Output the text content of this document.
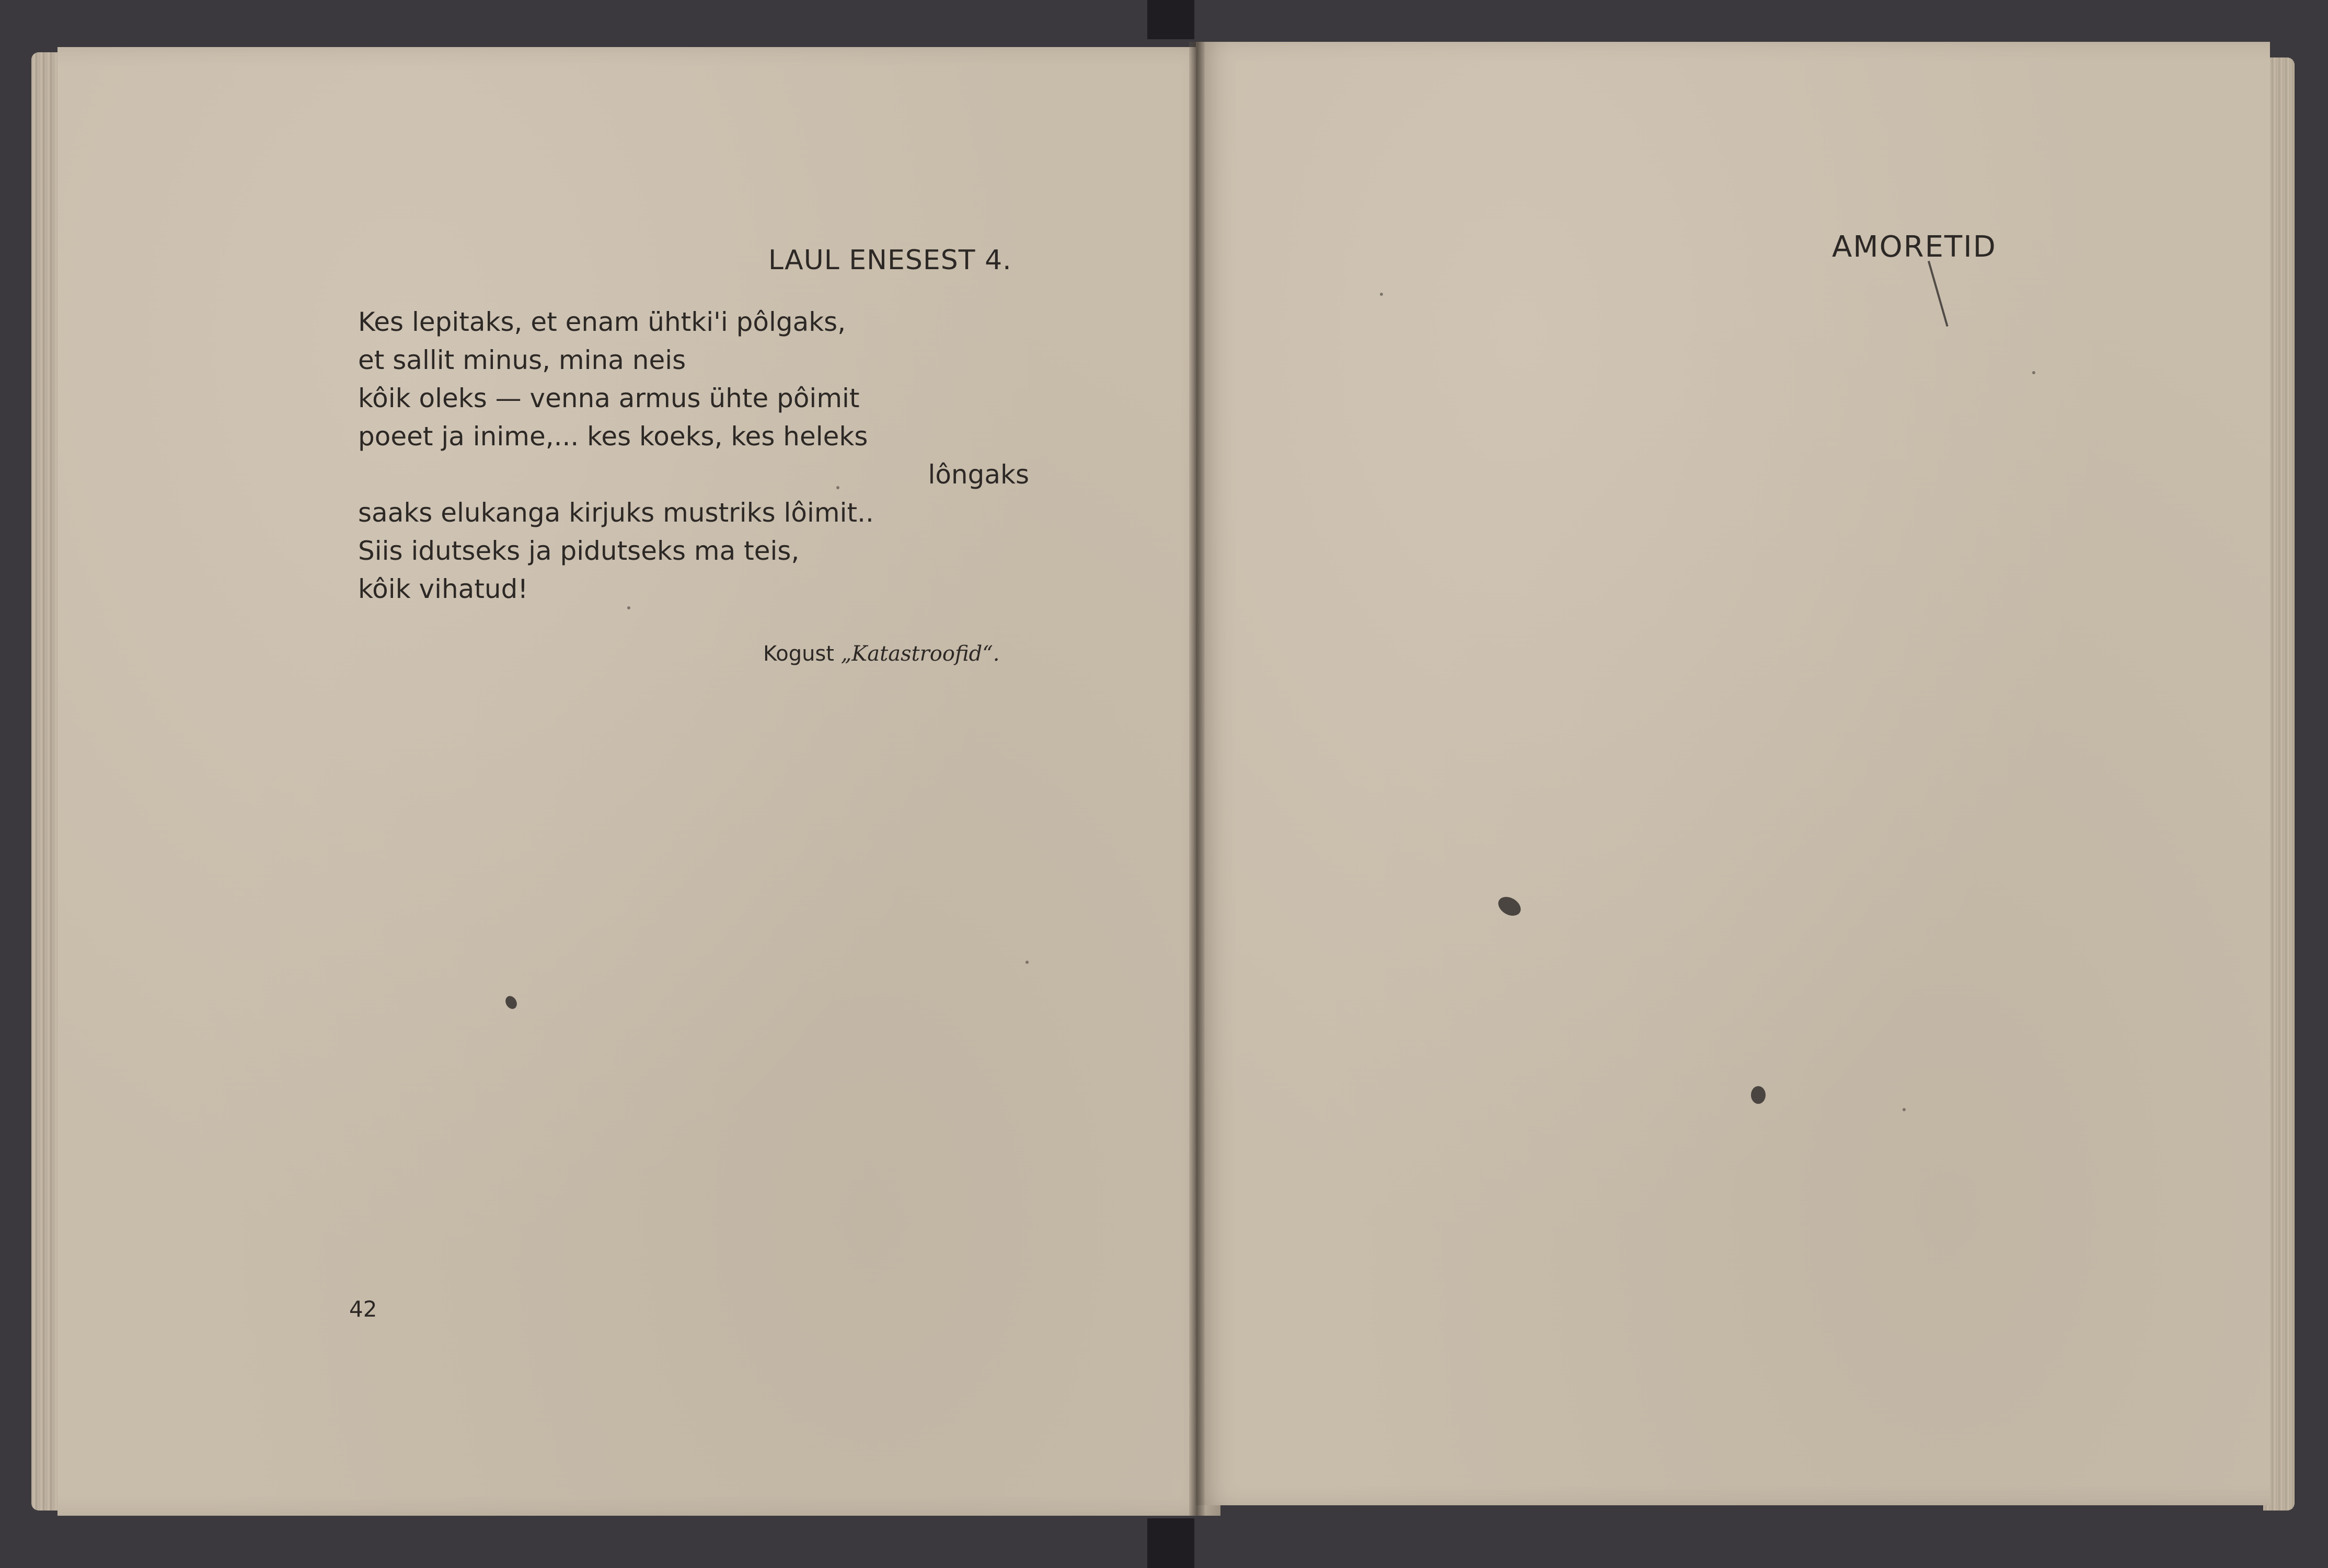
LAUL ENESEST 4.
Kes lepitaks, et enam ühtki'i pôlgaks,
et sallit minus, mina neis
kôik oleks — venna armus ühte pôimit
poeet ja inime,... kes koeks, kes heleks
lôngaks
saaks elukanga kirjuks mustriks lôimit..
Siis idutseks ja pidutseks ma teis,
kôik vihatud!
Kogust „Katastroofid“.
42
AMORETID
